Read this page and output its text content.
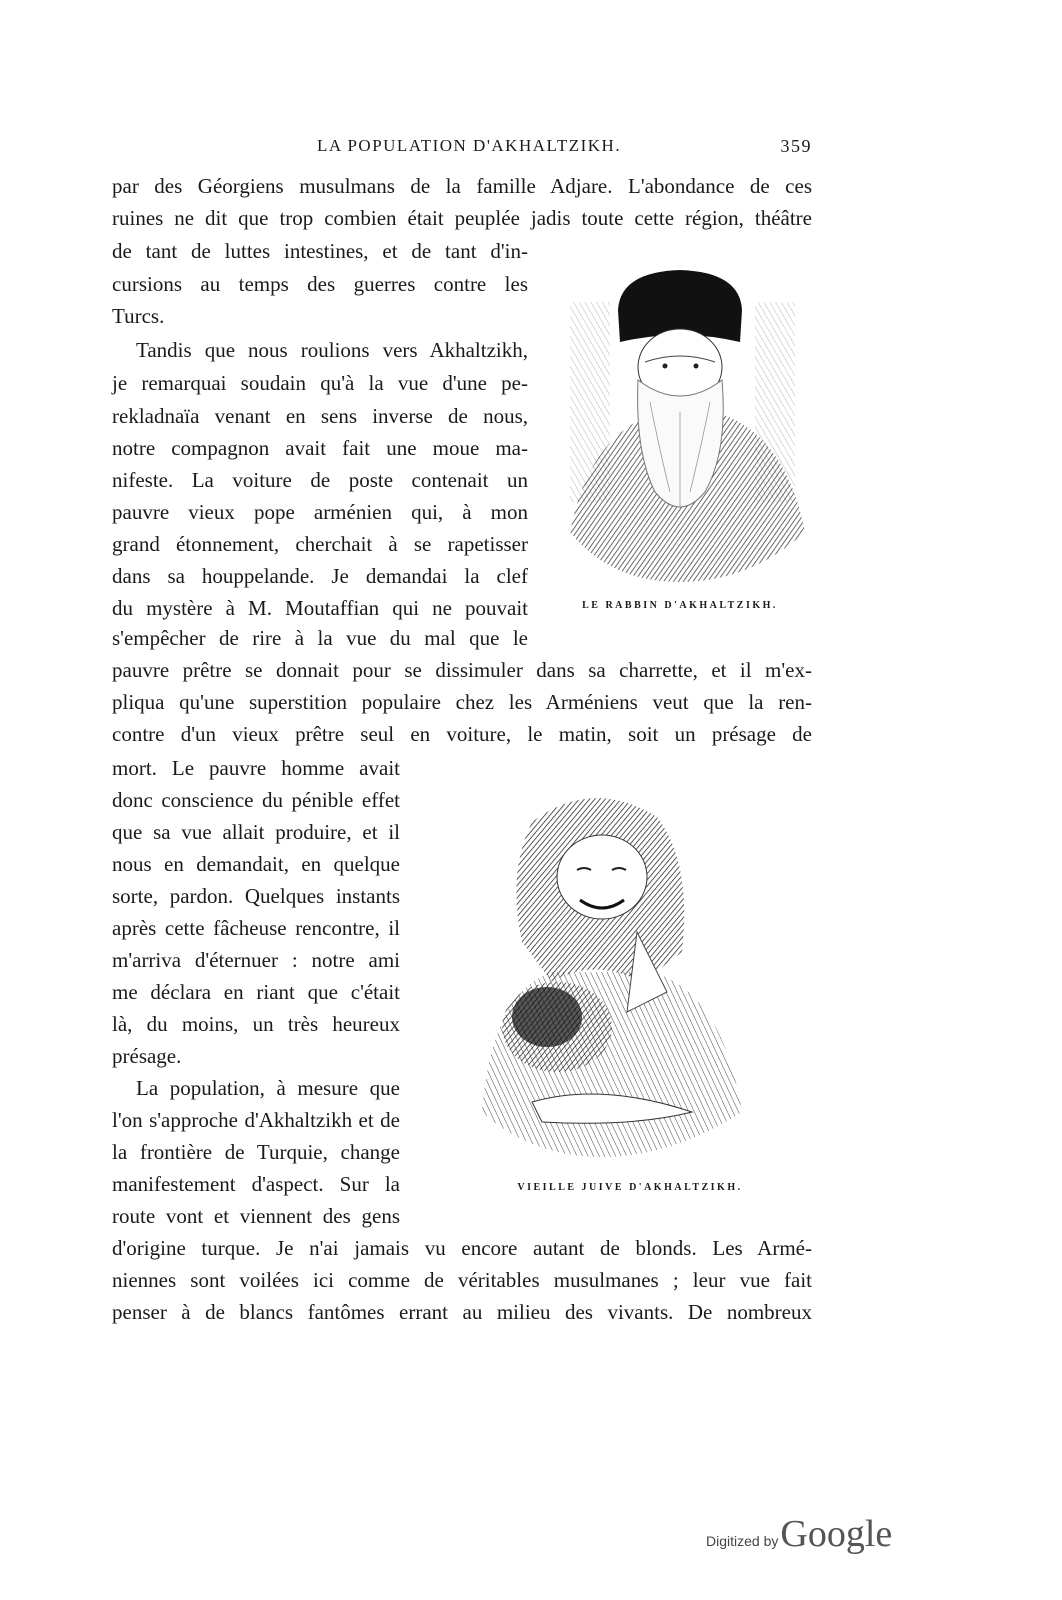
LA POPULATION D'AKHALTZIKH.	359
par des Géorgiens musulmans de la famille Adjare. L'abondance de ces
ruines ne dit que trop combien était peuplée jadis toute cette région, théâtre
de tant de luttes intestines, et de tant d'in-
cursions au temps des guerres contre les
Turcs.
Tandis que nous roulions vers Akhaltzikh,
je remarquai soudain qu'à la vue d'une pe-
rekladnaïa venant en sens inverse de nous,
notre compagnon avait fait une moue ma-
nifeste. La voiture de poste contenait un
pauvre vieux pope arménien qui, à mon
grand étonnement, cherchait à se rapetisser
dans sa houppelande. Je demandai la clef
du mystère à M. Moutaffian qui ne pouvait
s'empêcher de rire à la vue du mal que le
pauvre prêtre se donnait pour se dissimuler dans sa charrette, et il m'ex-
pliqua qu'une superstition populaire chez les Arméniens veut que la ren-
contre d'un vieux prêtre seul en voiture, le matin, soit un présage de
mort. Le pauvre homme avait
donc conscience du pénible effet
que sa vue allait produire, et il
nous en demandait, en quelque
sorte, pardon. Quelques instants
après cette fâcheuse rencontre, il
m'arriva d'éternuer : notre ami
me déclara en riant que c'était
là, du moins, un très heureux
présage.
La population, à mesure que
l'on s'approche d'Akhaltzikh et de
la frontière de Turquie, change
manifestement d'aspect. Sur la
route vont et viennent des gens
d'origine turque. Je n'ai jamais vu encore autant de blonds. Les Armé-
niennes sont voilées ici comme de véritables musulmanes ; leur vue fait
penser à de blancs fantômes errant au milieu des vivants. De nombreux
LE RABBIN D'AKHALTZIKH.
VIEILLE JUIVE D'AKHALTZIKH.
Digitized by Google
